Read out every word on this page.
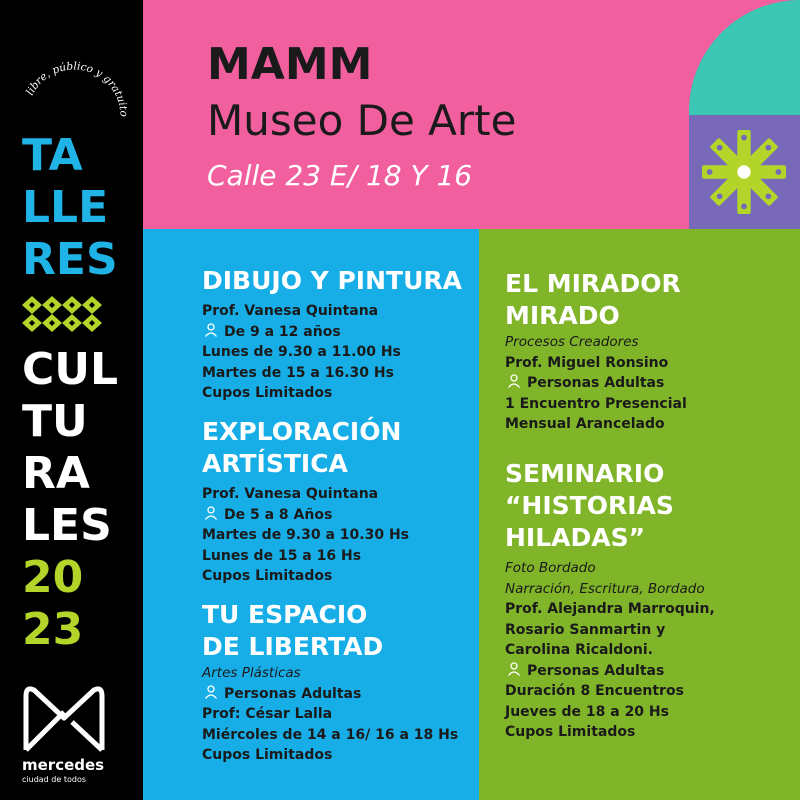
libre, público y gratuito
TA
LLE
RES
CUL
TU
RA
LES
20
23
mercedes
ciudad de todos
MAMM
Museo De Arte
Calle 23 E/ 18 Y 16
DIBUJO Y PINTURA
Prof. Vanesa Quintana
De 9 a 12 años
Lunes de 9.30 a 11.00 Hs
Martes de 15 a 16.30 Hs
Cupos Limitados
EXPLORACIÓN
ARTÍSTICA
Prof. Vanesa Quintana
De 5 a 8 Años
Martes de 9.30 a 10.30 Hs
Lunes de 15 a 16 Hs
Cupos Limitados
TU ESPACIO
DE LIBERTAD
Artes Plásticas
Personas Adultas
Prof: César Lalla
Miércoles de 14 a 16/ 16 a 18 Hs
Cupos Limitados
EL MIRADOR
MIRADO
Procesos Creadores
Prof. Miguel Ronsino
Personas Adultas
1 Encuentro Presencial
Mensual Arancelado
SEMINARIO
“HISTORIAS
HILADAS”
Foto Bordado
Narración, Escritura, Bordado
Prof. Alejandra Marroquin,
Rosario Sanmartin y
Carolina Ricaldoni.
Personas Adultas
Duración 8 Encuentros
Jueves de 18 a 20 Hs
Cupos Limitados
